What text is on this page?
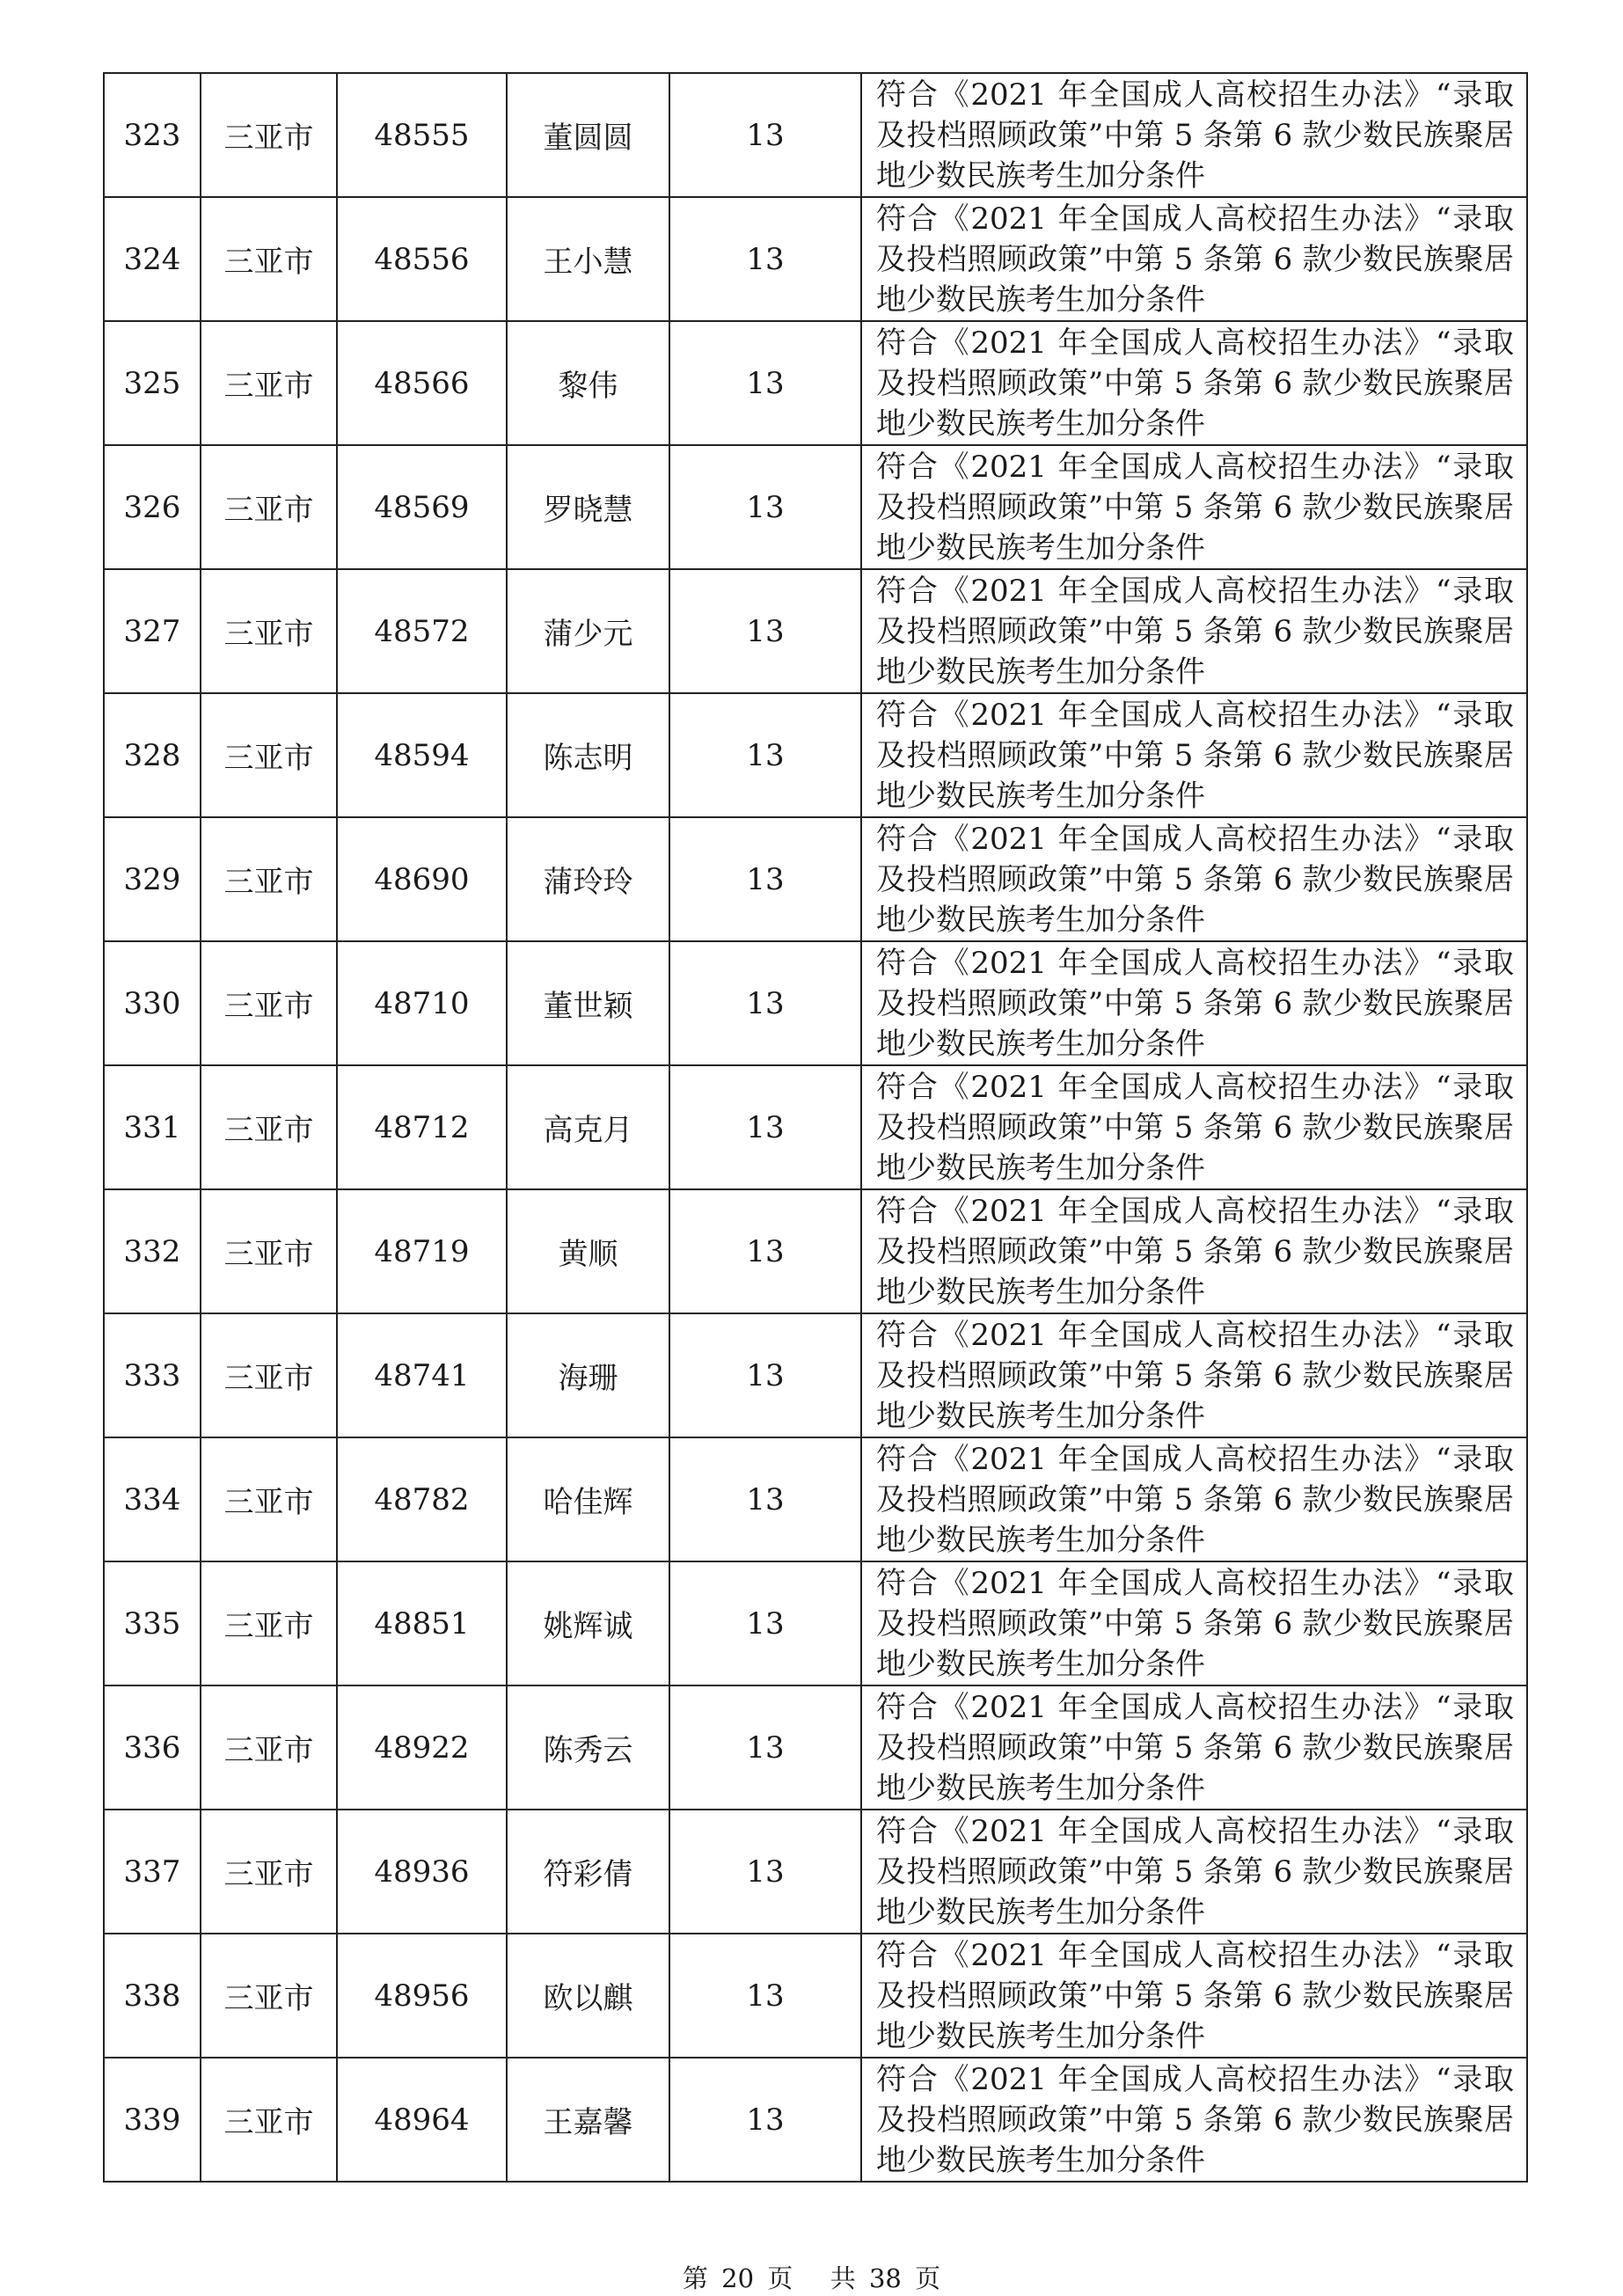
323	三亚市	48555	董圆圆	13	符合《2021 年全国成人高校招生办法》“录取及投档照顾政策”中第 5 条第 6 款少数民族聚居地少数民族考生加分条件
324	三亚市	48556	王小慧	13	符合《2021 年全国成人高校招生办法》“录取及投档照顾政策”中第 5 条第 6 款少数民族聚居地少数民族考生加分条件
325	三亚市	48566	黎伟	13	符合《2021 年全国成人高校招生办法》“录取及投档照顾政策”中第 5 条第 6 款少数民族聚居地少数民族考生加分条件
326	三亚市	48569	罗晓慧	13	符合《2021 年全国成人高校招生办法》“录取及投档照顾政策”中第 5 条第 6 款少数民族聚居地少数民族考生加分条件
327	三亚市	48572	蒲少元	13	符合《2021 年全国成人高校招生办法》“录取及投档照顾政策”中第 5 条第 6 款少数民族聚居地少数民族考生加分条件
328	三亚市	48594	陈志明	13	符合《2021 年全国成人高校招生办法》“录取及投档照顾政策”中第 5 条第 6 款少数民族聚居地少数民族考生加分条件
329	三亚市	48690	蒲玲玲	13	符合《2021 年全国成人高校招生办法》“录取及投档照顾政策”中第 5 条第 6 款少数民族聚居地少数民族考生加分条件
330	三亚市	48710	董世颖	13	符合《2021 年全国成人高校招生办法》“录取及投档照顾政策”中第 5 条第 6 款少数民族聚居地少数民族考生加分条件
331	三亚市	48712	高克月	13	符合《2021 年全国成人高校招生办法》“录取及投档照顾政策”中第 5 条第 6 款少数民族聚居地少数民族考生加分条件
332	三亚市	48719	黄顺	13	符合《2021 年全国成人高校招生办法》“录取及投档照顾政策”中第 5 条第 6 款少数民族聚居地少数民族考生加分条件
333	三亚市	48741	海珊	13	符合《2021 年全国成人高校招生办法》“录取及投档照顾政策”中第 5 条第 6 款少数民族聚居地少数民族考生加分条件
334	三亚市	48782	哈佳辉	13	符合《2021 年全国成人高校招生办法》“录取及投档照顾政策”中第 5 条第 6 款少数民族聚居地少数民族考生加分条件
335	三亚市	48851	姚辉诚	13	符合《2021 年全国成人高校招生办法》“录取及投档照顾政策”中第 5 条第 6 款少数民族聚居地少数民族考生加分条件
336	三亚市	48922	陈秀云	13	符合《2021 年全国成人高校招生办法》“录取及投档照顾政策”中第 5 条第 6 款少数民族聚居地少数民族考生加分条件
337	三亚市	48936	符彩倩	13	符合《2021 年全国成人高校招生办法》“录取及投档照顾政策”中第 5 条第 6 款少数民族聚居地少数民族考生加分条件
338	三亚市	48956	欧以麒	13	符合《2021 年全国成人高校招生办法》“录取及投档照顾政策”中第 5 条第 6 款少数民族聚居地少数民族考生加分条件
339	三亚市	48964	王嘉馨	13	符合《2021 年全国成人高校招生办法》“录取及投档照顾政策”中第 5 条第 6 款少数民族聚居地少数民族考生加分条件
第 20 页 共 38 页
